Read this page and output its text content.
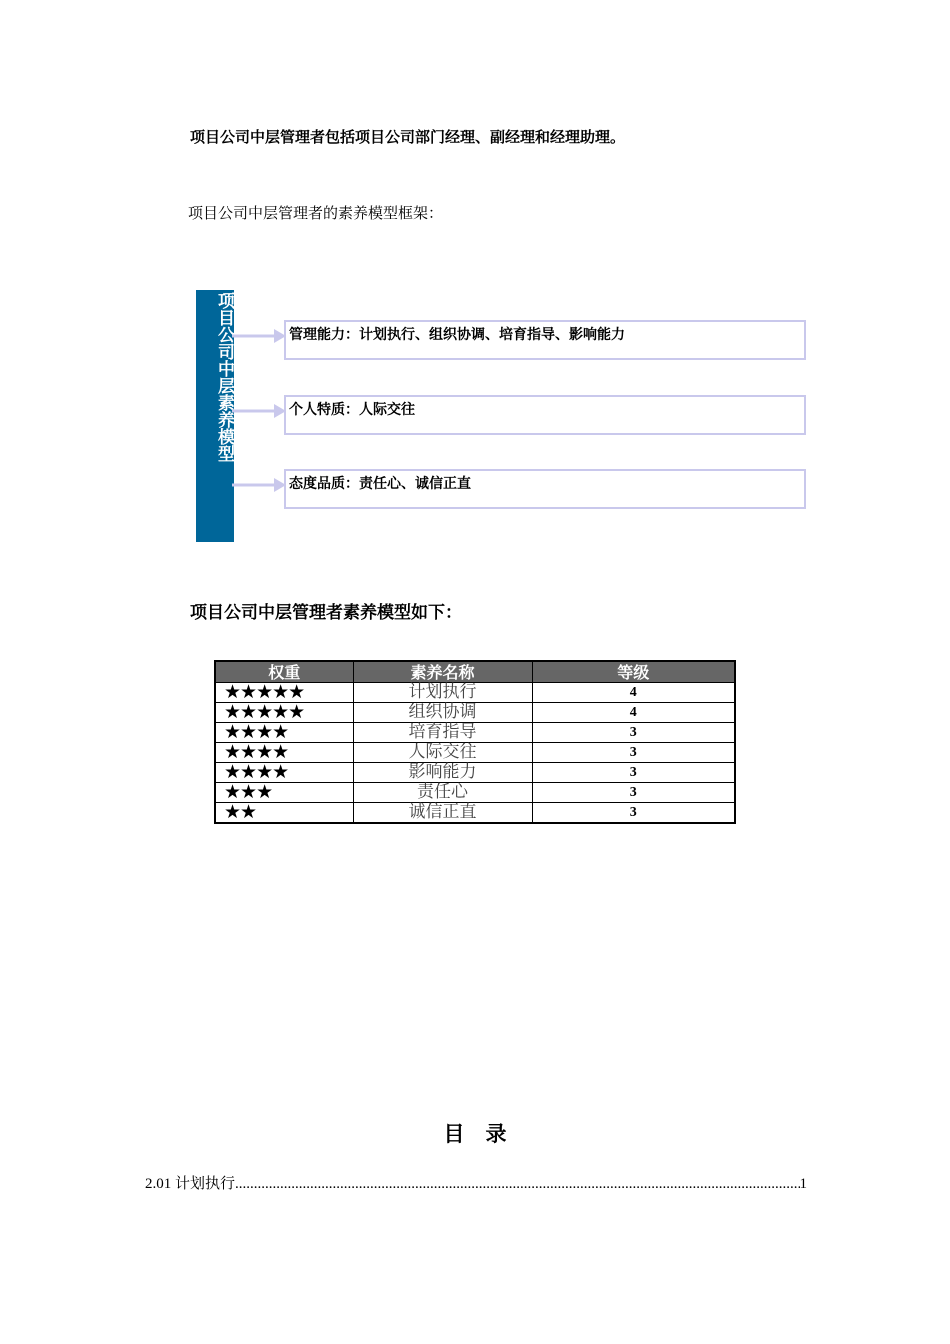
项目公司中层管理者包括项目公司部门经理、副经理和经理助理。
项目公司中层管理者的素养模型框架：
项目公司中层素养模型	管理能力：计划执行、组织协调、培育指导、影响能力
个人特质：人际交往
态度品质：责任心、诚信正直
项目公司中层管理者素养模型如下：
权重	素养名称	等级
★★★★★	计划执行	4
★★★★★	组织协调	4
★★★★	培育指导	3
★★★★	人际交往	3
★★★★	影响能力	3
★★★	责任心	3
★★	诚信正直	3
目　录
2.01 计划执行 .....	1
